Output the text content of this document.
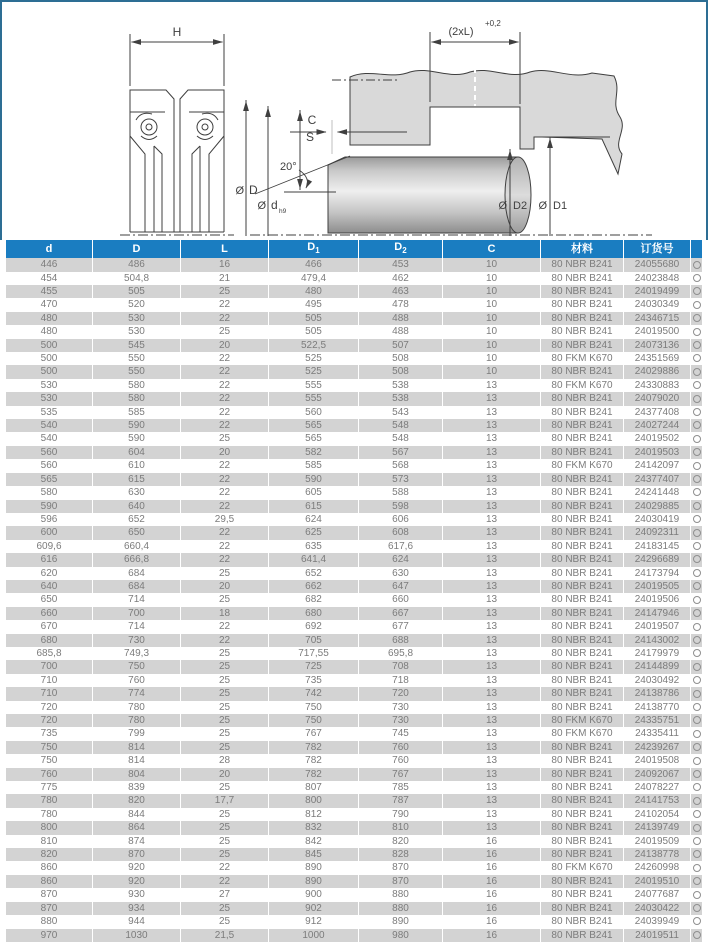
H	(2xL)
+0,2
Ø D
Ø d h9
S
C
20°
Ø D2 Ø D1
d	D	L	$D_1$	$D_2$	C	材料	订货号	
446	486	16	466	453	10	80 NBR B241	24055680	
454	504,8	21	479,4	462	10	80 NBR B241	24023848	
455	505	25	480	463	10	80 NBR B241	24019499	
470	520	22	495	478	10	80 NBR B241	24030349	
480	530	22	505	488	10	80 NBR B241	24346715	
480	530	25	505	488	10	80 NBR B241	24019500	
500	545	20	522,5	507	10	80 NBR B241	24073136	
500	550	22	525	508	10	80 FKM K670	24351569	
500	550	22	525	508	10	80 NBR B241	24029886	
530	580	22	555	538	13	80 FKM K670	24330883	
530	580	22	555	538	13	80 NBR B241	24079020	
535	585	22	560	543	13	80 NBR B241	24377408	
540	590	22	565	548	13	80 NBR B241	24027244	
540	590	25	565	548	13	80 NBR B241	24019502	
560	604	20	582	567	13	80 NBR B241	24019503	
560	610	22	585	568	13	80 FKM K670	24142097	
565	615	22	590	573	13	80 NBR B241	24377407	
580	630	22	605	588	13	80 NBR B241	24241448	
590	640	22	615	598	13	80 NBR B241	24029885	
596	652	29,5	624	606	13	80 NBR B241	24030419	
600	650	22	625	608	13	80 NBR B241	24092311	
609,6	660,4	22	635	617,6	13	80 NBR B241	24183145	
616	666,8	22	641,4	624	13	80 NBR B241	24296689	
620	684	25	652	630	13	80 NBR B241	24173794	
640	684	20	662	647	13	80 NBR B241	24019505	
650	714	25	682	660	13	80 NBR B241	24019506	
660	700	18	680	667	13	80 NBR B241	24147946	
670	714	22	692	677	13	80 NBR B241	24019507	
680	730	22	705	688	13	80 NBR B241	24143002	
685,8	749,3	25	717,55	695,8	13	80 NBR B241	24179979	
700	750	25	725	708	13	80 NBR B241	24144899	
710	760	25	735	718	13	80 NBR B241	24030492	
710	774	25	742	720	13	80 NBR B241	24138786	
720	780	25	750	730	13	80 NBR B241	24138770	
720	780	25	750	730	13	80 FKM K670	24335751	
735	799	25	767	745	13	80 FKM K670	24335411	
750	814	25	782	760	13	80 NBR B241	24239267	
750	814	28	782	760	13	80 NBR B241	24019508	
760	804	20	782	767	13	80 NBR B241	24092067	
775	839	25	807	785	13	80 NBR B241	24078227	
780	820	17,7	800	787	13	80 NBR B241	24141753	
780	844	25	812	790	13	80 NBR B241	24102054	
800	864	25	832	810	13	80 NBR B241	24139749	
810	874	25	842	820	16	80 NBR B241	24019509	
820	870	25	845	828	16	80 NBR B241	24138778	
860	920	22	890	870	16	80 FKM K670	24260998	
860	920	22	890	870	16	80 NBR B241	24019510	
870	930	27	900	880	16	80 NBR B241	24077687	
870	934	25	902	880	16	80 NBR B241	24030422	
880	944	25	912	890	16	80 NBR B241	24039949	
970	1030	21,5	1000	980	16	80 NBR B241	24019511	
